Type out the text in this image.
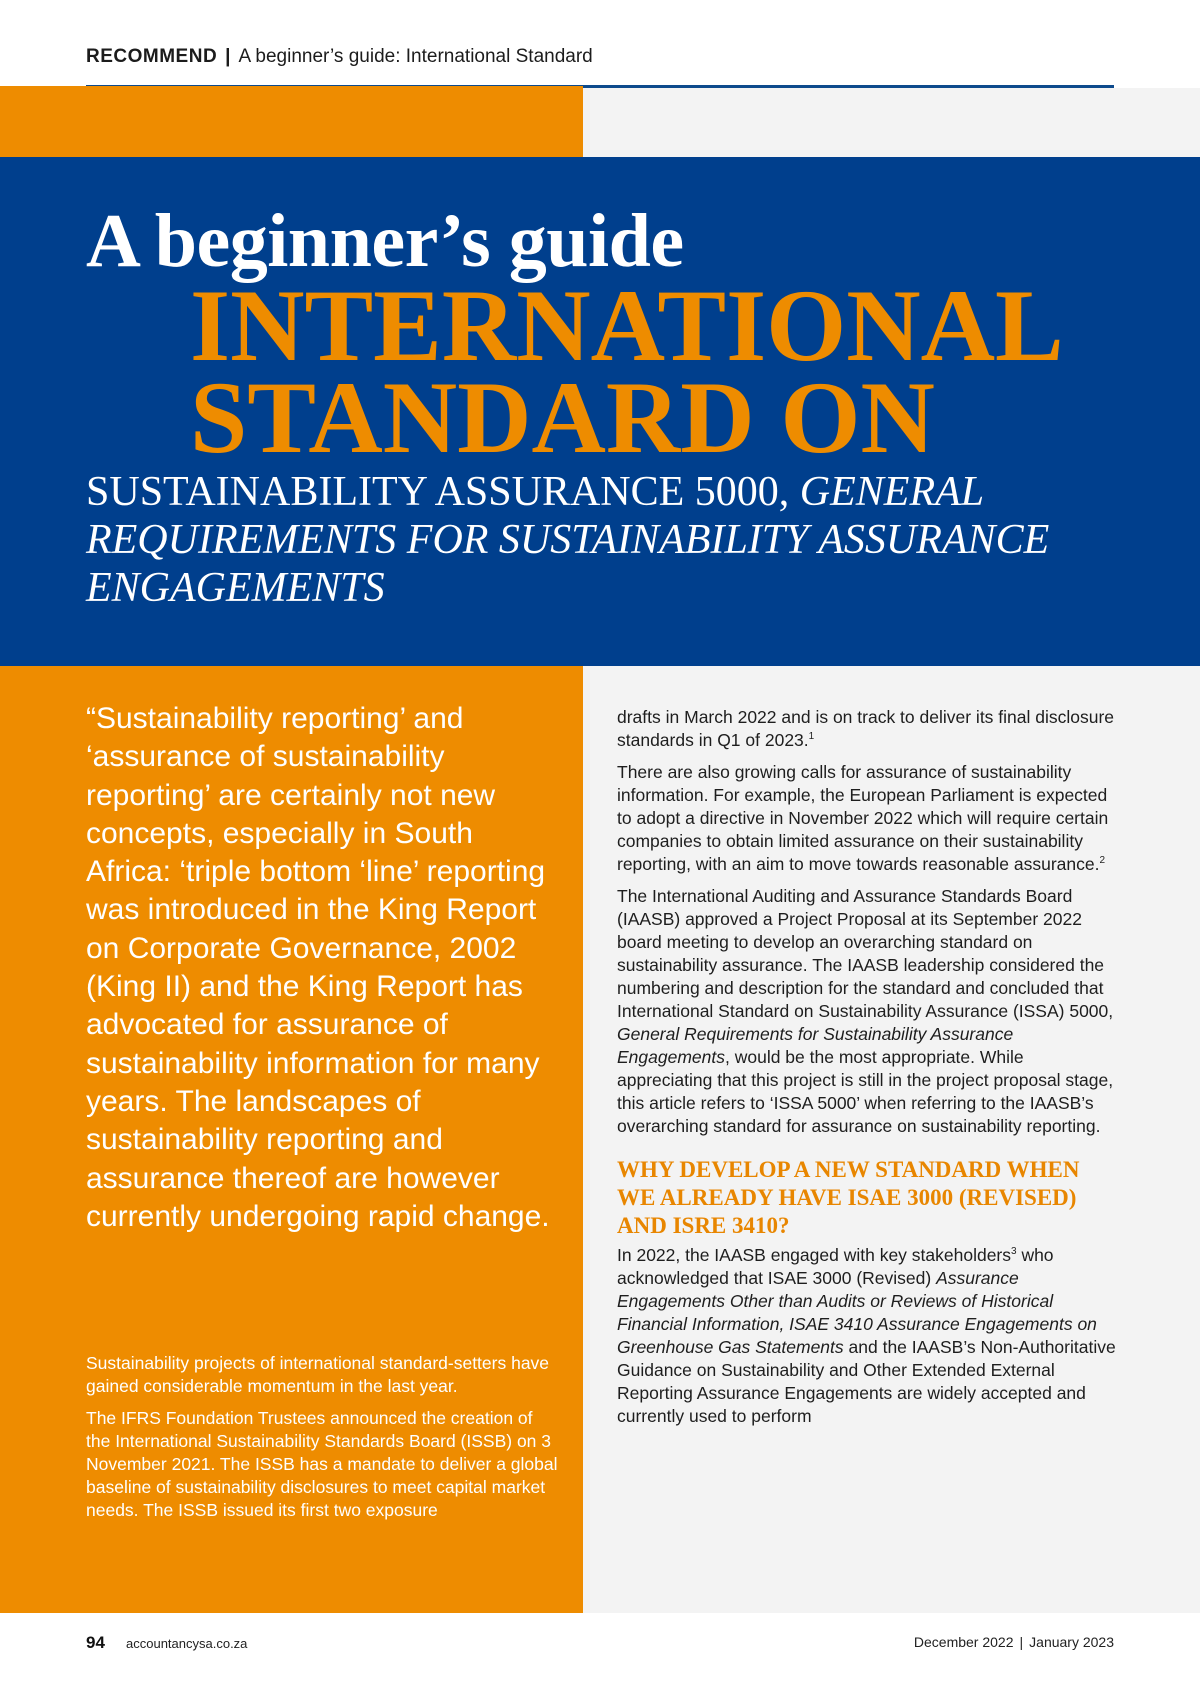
RECOMMEND | A beginner’s guide: International Standard
A beginner’s guide
INTERNATIONAL
STANDARD ON
SUSTAINABILITY ASSURANCE 5000, GENERAL REQUIREMENTS FOR SUSTAINABILITY ASSURANCE ENGAGEMENTS
“Sustainability reporting’ and ‘assurance of sustainability reporting’ are certainly not new concepts, especially in South Africa: ‘triple bottom ‘line’ reporting was introduced in the King Report on Corporate Governance, 2002 (King II) and the King Report has advocated for assurance of sustainability information for many years. The landscapes of sustainability reporting and assurance thereof are however currently undergoing rapid change.

Sustainability projects of international standard-setters have gained considerable momentum in the last year.

The IFRS Foundation Trustees announced the creation of the International Sustainability Standards Board (ISSB) on 3 November 2021. The ISSB has a mandate to deliver a global baseline of sustainability disclosures to meet capital market needs. The ISSB issued its first two exposure

drafts in March 2022 and is on track to deliver its final disclosure standards in Q1 of 2023.$^1$

There are also growing calls for assurance of sustainability information. For example, the European Parliament is expected to adopt a directive in November 2022 which will require certain companies to obtain limited assurance on their sustainability reporting, with an aim to move towards reasonable assurance.$^2$

The International Auditing and Assurance Standards Board (IAASB) approved a Project Proposal at its September 2022 board meeting to develop an overarching standard on sustainability assurance. The IAASB leadership considered the numbering and description for the standard and concluded that International Standard on Sustainability Assurance (ISSA) 5000, General Requirements for Sustainability Assurance Engagements, would be the most appropriate. While appreciating that this project is still in the project proposal stage, this article refers to ‘ISSA 5000’ when referring to the IAASB’s overarching standard for assurance on sustainability reporting.

WHY DEVELOP A NEW STANDARD WHEN WE ALREADY HAVE ISAE 3000 (REVISED) AND ISRE 3410?

In 2022, the IAASB engaged with key stakeholders$^3$ who acknowledged that ISAE 3000 (Revised) Assurance Engagements Other than Audits or Reviews of Historical Financial Information, ISAE 3410 Assurance Engagements on Greenhouse Gas Statements and the IAASB’s Non-Authoritative Guidance on Sustainability and Other Extended External Reporting Assurance Engagements are widely accepted and currently used to perform

94 accountancysa.co.za	December 2022 | January 2023
